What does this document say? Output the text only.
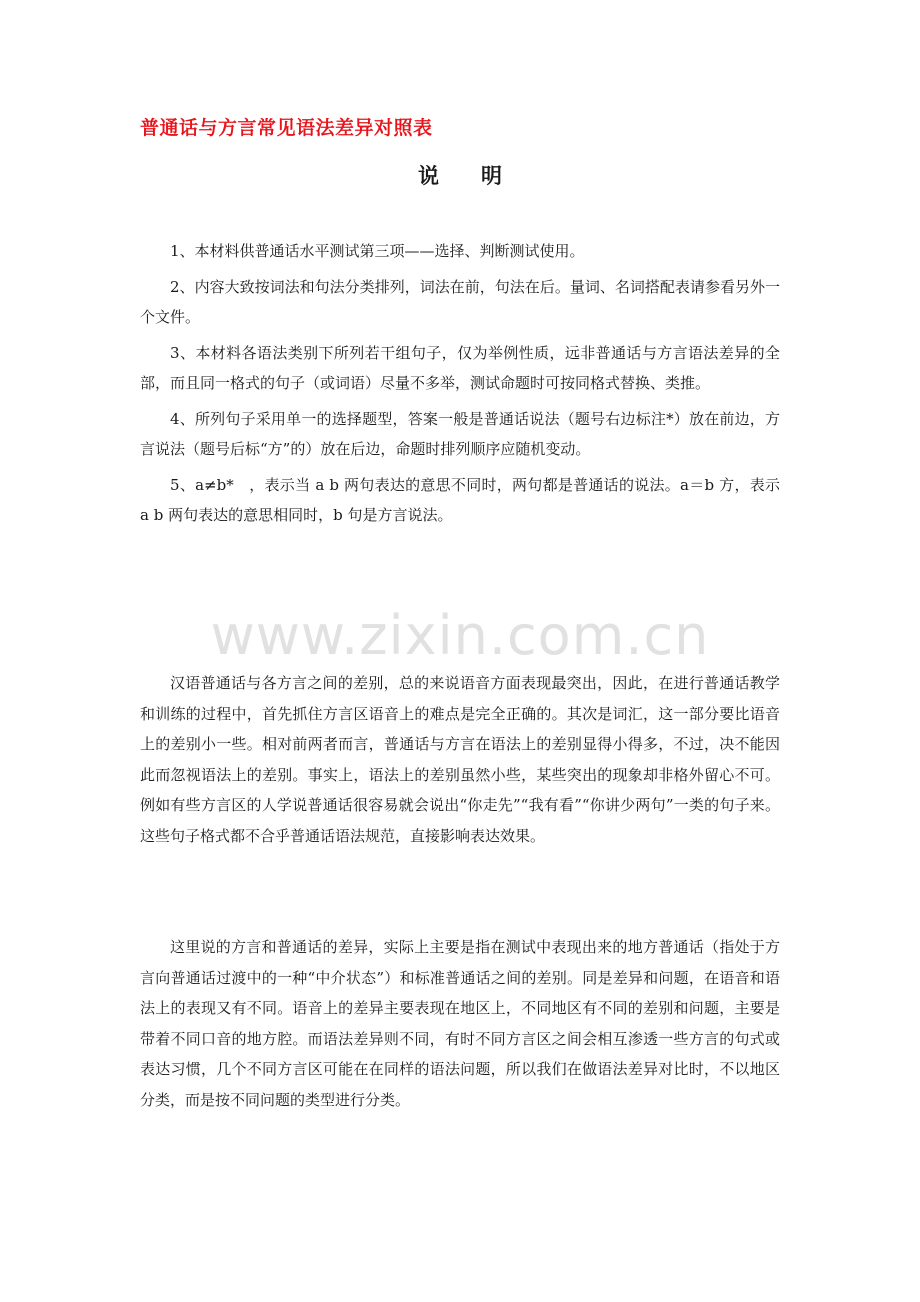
普通话与方言常见语法差异对照表
说　　明

1、本材料供普通话水平测试第三项——选择、判断测试使用。

2、内容大致按词法和句法分类排列，词法在前，句法在后。量词、名词搭配表请参看另外一个文件。

3、本材料各语法类别下所列若干组句子，仅为举例性质，远非普通话与方言语法差异的全部，而且同一格式的句子（或词语）尽量不多举，测试命题时可按同格式替换、类推。

4、所列句子采用单一的选择题型，答案一般是普通话说法（题号右边标注*）放在前边，方言说法（题号后标“方”的）放在后边，命题时排列顺序应随机变动。

5、a≠b*　，表示当 a b 两句表达的意思不同时，两句都是普通话的说法。a＝b 方，表示 a b 两句表达的意思相同时，b 句是方言说法。

www.zixin.com.cn

汉语普通话与各方言之间的差别，总的来说语音方面表现最突出，因此，在进行普通话教学和训练的过程中，首先抓住方言区语音上的难点是完全正确的。其次是词汇，这一部分要比语音上的差别小一些。相对前两者而言，普通话与方言在语法上的差别显得小得多，不过，决不能因此而忽视语法上的差别。事实上，语法上的差别虽然小些，某些突出的现象却非格外留心不可。例如有些方言区的人学说普通话很容易就会说出“你走先”“我有看”“你讲少两句”一类的句子来。这些句子格式都不合乎普通话语法规范，直接影响表达效果。

这里说的方言和普通话的差异，实际上主要是指在测试中表现出来的地方普通话（指处于方言向普通话过渡中的一种“中介状态”）和标准普通话之间的差别。同是差异和问题，在语音和语法上的表现又有不同。语音上的差异主要表现在地区上，不同地区有不同的差别和问题，主要是带着不同口音的地方腔。而语法差异则不同，有时不同方言区之间会相互渗透一些方言的句式或表达习惯，几个不同方言区可能在在同样的语法问题，所以我们在做语法差异对比时，不以地区分类，而是按不同问题的类型进行分类。
